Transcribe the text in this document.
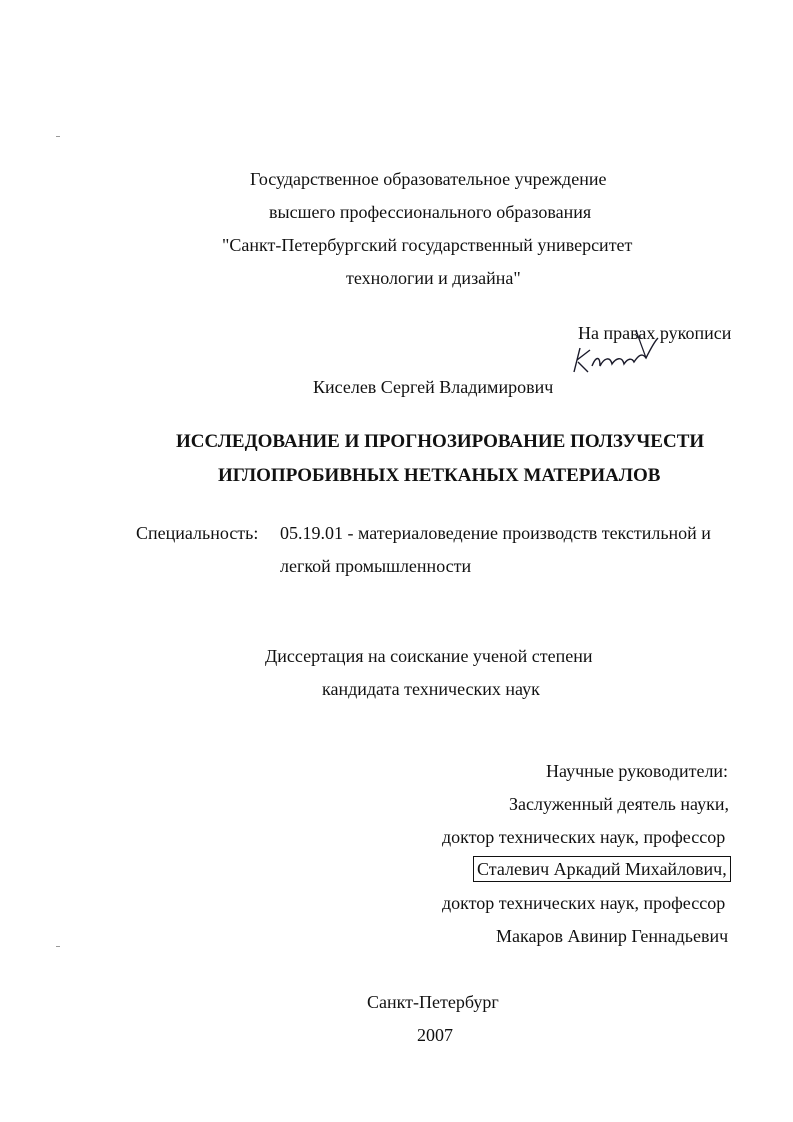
Государственное образовательное учреждение
высшего профессионального образования
"Санкт-Петербургский государственный университет
технологии и дизайна"
На правах рукописи
Киселев Сергей Владимирович
ИССЛЕДОВАНИЕ И ПРОГНОЗИРОВАНИЕ ПОЛЗУЧЕСТИ
ИГЛОПРОБИВНЫХ НЕТКАНЫХ МАТЕРИАЛОВ
Специальность: 05.19.01 - материаловедение производств текстильной и
легкой промышленности
Диссертация на соискание ученой степени
кандидата технических наук
Научные руководители:
Заслуженный деятель науки,
доктор технических наук, профессор
Сталевич Аркадий Михайлович,
доктор технических наук, профессор
Макаров Авинир Геннадьевич
Санкт-Петербург
2007
